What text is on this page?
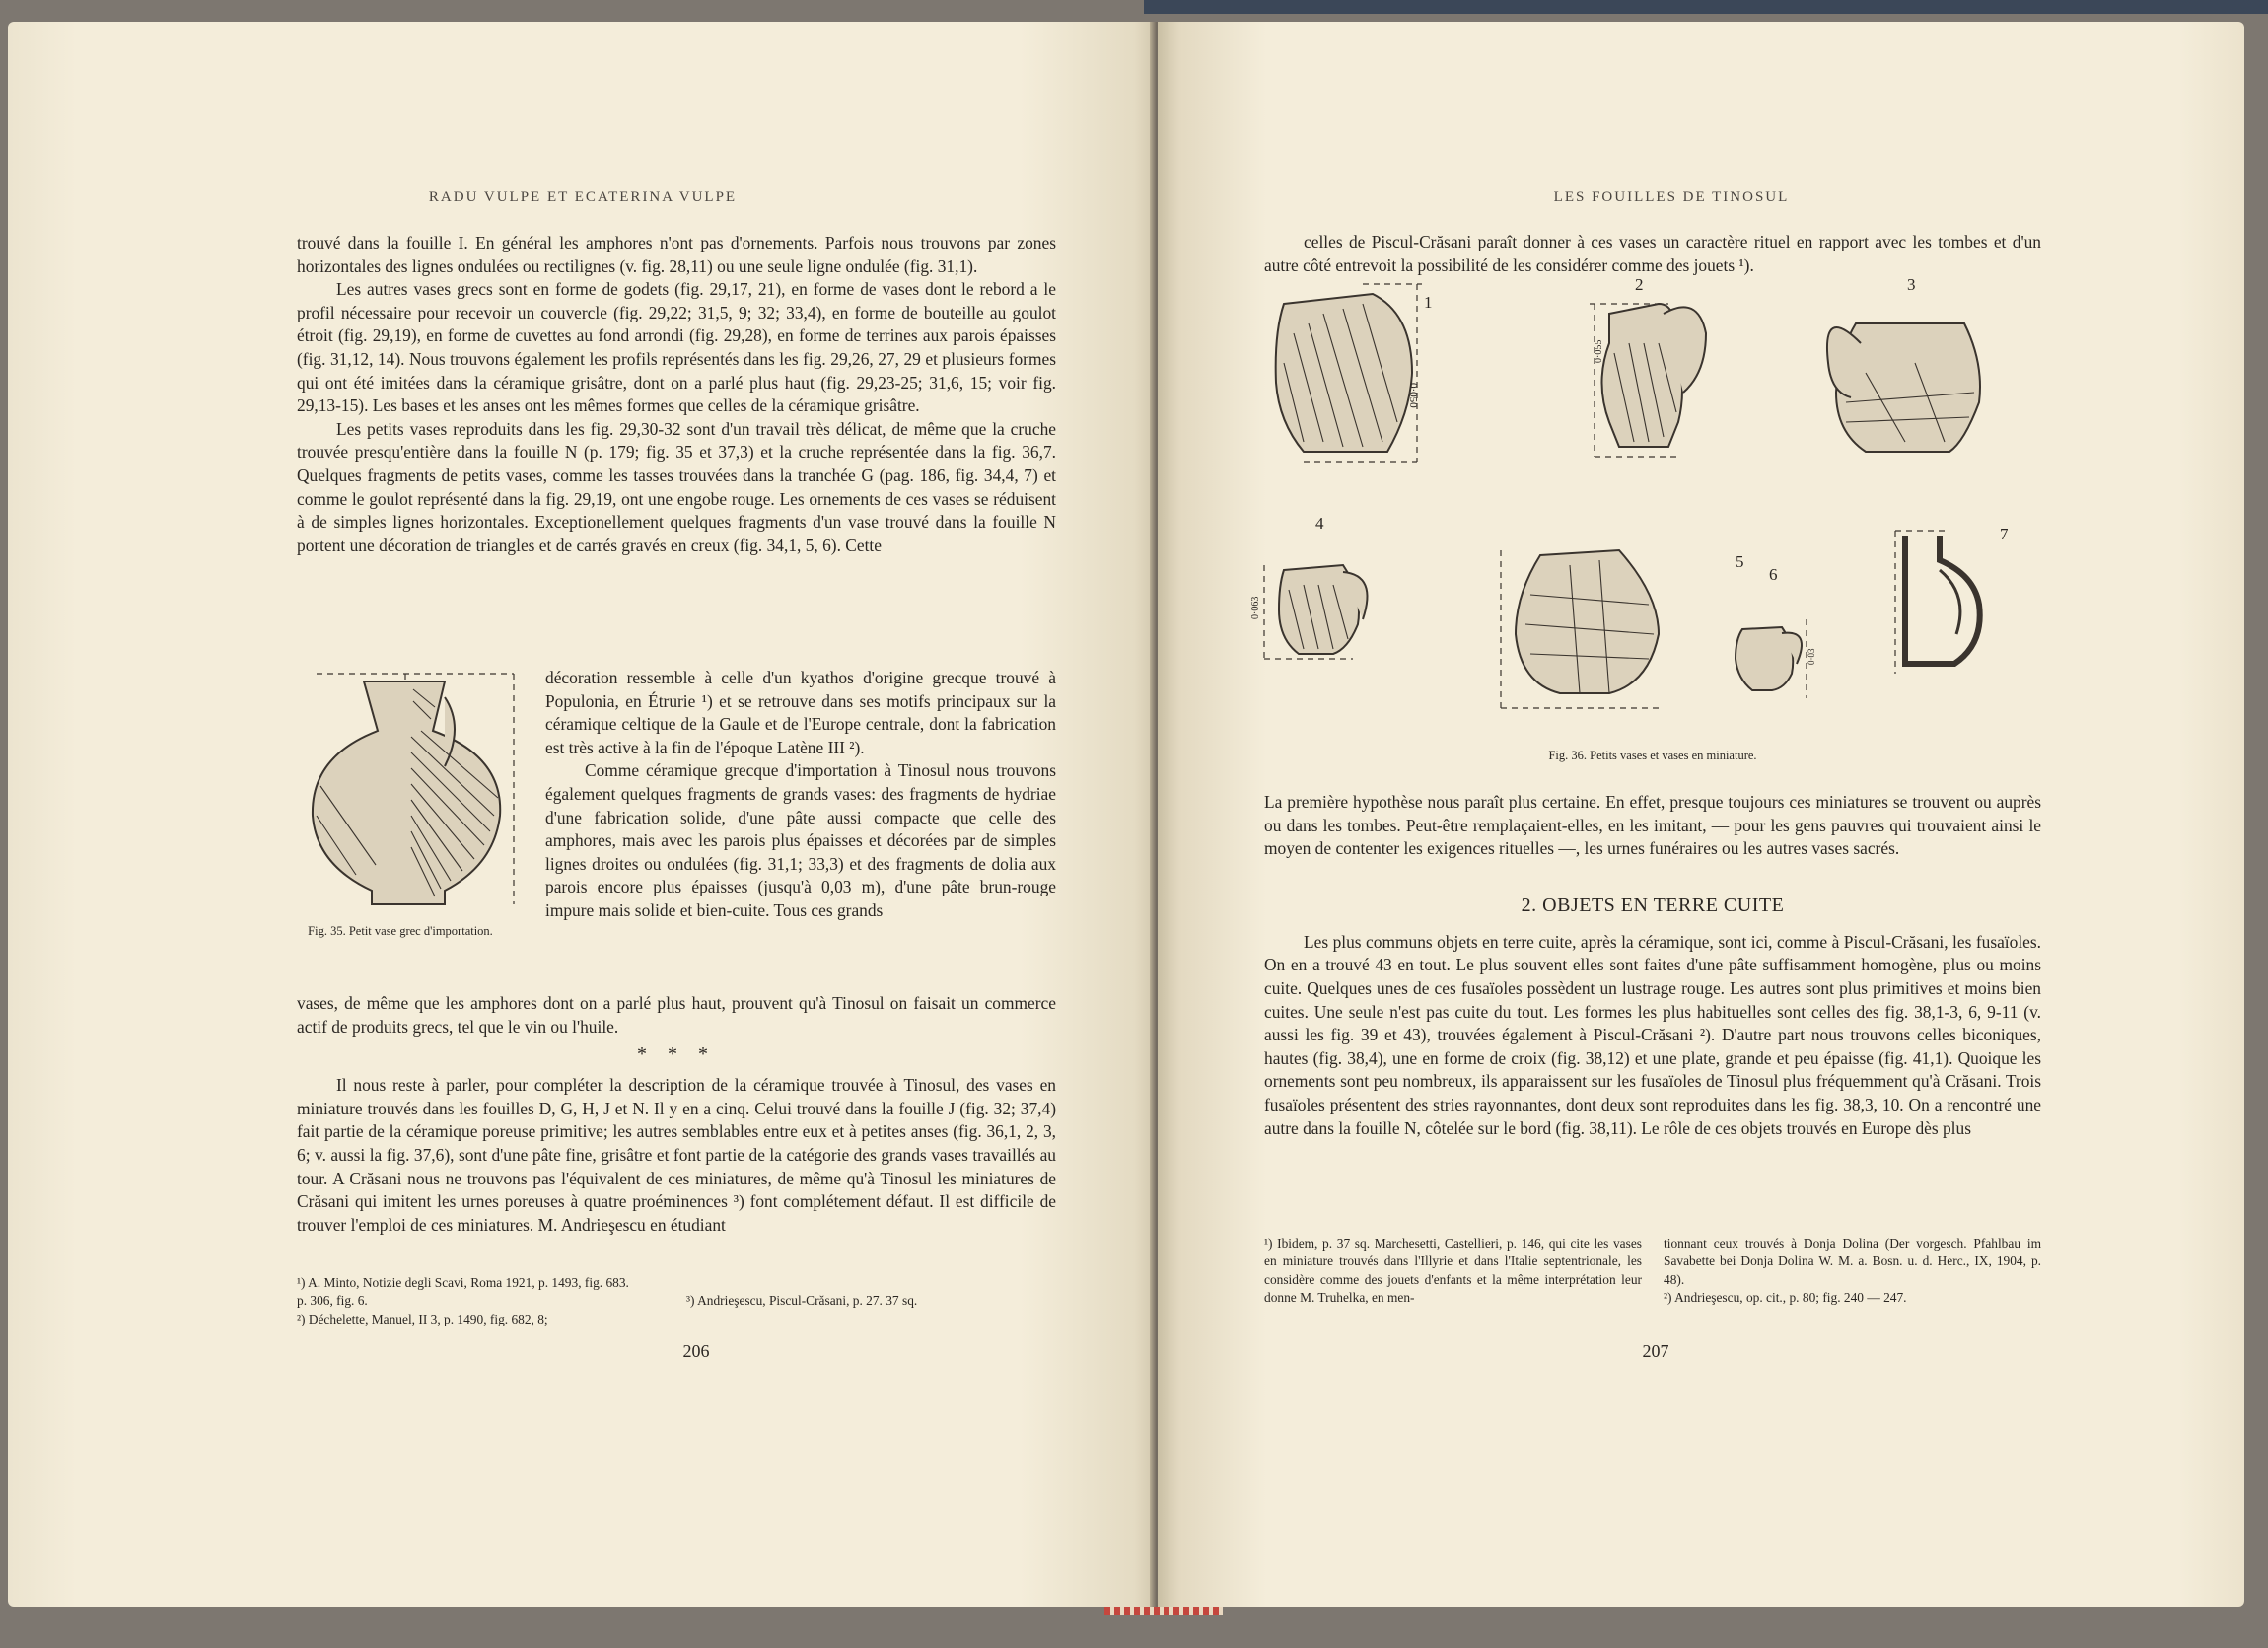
RADU VULPE ET ECATERINA VULPE

trouvé dans la fouille I. En général les amphores n'ont pas d'ornements. Parfois nous trouvons par zones horizontales des lignes ondulées ou rectilignes (v. fig. 28,11) ou une seule ligne ondulée (fig. 31,1).

Les autres vases grecs sont en forme de godets (fig. 29,17, 21), en forme de vases dont le rebord a le profil nécessaire pour recevoir un couvercle (fig. 29,22; 31,5, 9; 32; 33,4), en forme de bouteille au goulot étroit (fig. 29,19), en forme de cuvettes au fond arrondi (fig. 29,28), en forme de terrines aux parois épaisses (fig. 31,12, 14). Nous trouvons également les profils représentés dans les fig. 29,26, 27, 29 et plusieurs formes qui ont été imitées dans la céramique grisâtre, dont on a parlé plus haut (fig. 29,23-25; 31,6, 15; voir fig. 29,13-15). Les bases et les anses ont les mêmes formes que celles de la céramique grisâtre.

Les petits vases reproduits dans les fig. 29,30-32 sont d'un travail très délicat, de même que la cruche trouvée presqu'entière dans la fouille N (p. 179; fig. 35 et 37,3) et la cruche représentée dans la fig. 36,7. Quelques fragments de petits vases, comme les tasses trouvées dans la tranchée G (pag. 186, fig. 34,4, 7) et comme le goulot représenté dans la fig. 29,19, ont une engobe rouge. Les ornements de ces vases se réduisent à de simples lignes horizontales. Exceptionellement quelques fragments d'un vase trouvé dans la fouille N portent une décoration de triangles et de carrés gravés en creux (fig. 34,1, 5, 6). Cette

Fig. 35. Petit vase grec d'importation.

décoration ressemble à celle d'un kyathos d'origine grecque trouvé à Populonia, en Étrurie ¹) et se retrouve dans ses motifs principaux sur la céramique celtique de la Gaule et de l'Europe centrale, dont la fabrication est très active à la fin de l'époque Latène III ²).

Comme céramique grecque d'importation à Tinosul nous trouvons également quelques fragments de grands vases: des fragments de hydriae d'une fabrication solide, d'une pâte aussi compacte que celle des amphores, mais avec les parois plus épaisses et décorées par de simples lignes droites ou ondulées (fig. 31,1; 33,3) et des fragments de dolia aux parois encore plus épaisses (jusqu'à 0,03 m), d'une pâte brun-rouge impure mais solide et bien-cuite. Tous ces grands

vases, de même que les amphores dont on a parlé plus haut, prouvent qu'à Tinosul on faisait un commerce actif de produits grecs, tel que le vin ou l'huile.

* * *

Il nous reste à parler, pour compléter la description de la céramique trouvée à Tinosul, des vases en miniature trouvés dans les fouilles D, G, H, J et N. Il y en a cinq. Celui trouvé dans la fouille J (fig. 32; 37,4) fait partie de la céramique poreuse primitive; les autres semblables entre eux et à petites anses (fig. 36,1, 2, 3, 6; v. aussi la fig. 37,6), sont d'une pâte fine, grisâtre et font partie de la catégorie des grands vases travaillés au tour. A Crăsani nous ne trouvons pas l'équivalent de ces miniatures, de même qu'à Tinosul les miniatures de Crăsani qui imitent les urnes poreuses à quatre proéminences ³) font complétement défaut. Il est difficile de trouver l'emploi de ces miniatures. M. Andrieşescu en étudiant

¹) A. Minto, Notizie degli Scavi, Roma 1921, p. 1493, fig. 683.

p. 306, fig. 6.

²) Déchelette, Manuel, II 3, p. 1490, fig. 682, 8;

³) Andrieşescu, Piscul-Crăsani, p. 27. 37 sq.

206
LES FOUILLES DE TINOSUL

celles de Piscul-Crăsani paraît donner à ces vases un caractère rituel en rapport avec les tombes et d'un autre côté entrevoit la possibilité de les considérer comme des jouets ¹).

0·050
1
0·055
2	3
0·063
4
5
0·03
6
7
Fig. 36. Petits vases et vases en miniature.

La première hypothèse nous paraît plus certaine. En effet, presque toujours ces miniatures se trouvent ou auprès ou dans les tombes. Peut-être remplaçaient-elles, en les imitant, — pour les gens pauvres qui trouvaient ainsi le moyen de contenter les exigences rituelles —, les urnes funéraires ou les autres vases sacrés.

2. OBJETS EN TERRE CUITE

Les plus communs objets en terre cuite, après la céramique, sont ici, comme à Piscul-Crăsani, les fusaïoles. On en a trouvé 43 en tout. Le plus souvent elles sont faites d'une pâte suffisamment homogène, plus ou moins cuite. Quelques unes de ces fusaïoles possèdent un lustrage rouge. Les autres sont plus primitives et moins bien cuites. Une seule n'est pas cuite du tout. Les formes les plus habituelles sont celles des fig. 38,1-3, 6, 9-11 (v. aussi les fig. 39 et 43), trouvées également à Piscul-Crăsani ²). D'autre part nous trouvons celles biconiques, hautes (fig. 38,4), une en forme de croix (fig. 38,12) et une plate, grande et peu épaisse (fig. 41,1). Quoique les ornements sont peu nombreux, ils apparaissent sur les fusaïoles de Tinosul plus fréquemment qu'à Crăsani. Trois fusaïoles présentent des stries rayonnantes, dont deux sont reproduites dans les fig. 38,3, 10. On a rencontré une autre dans la fouille N, côtelée sur le bord (fig. 38,11). Le rôle de ces objets trouvés en Europe dès plus

¹) Ibidem, p. 37 sq. Marchesetti, Castellieri, p. 146, qui cite les vases en miniature trouvés dans l'Illyrie et dans l'Italie septentrionale, les considère comme des jouets d'enfants et la même interprétation leur donne M. Truhelka, en men-

tionnant ceux trouvés à Donja Dolina (Der vorgesch. Pfahlbau im Savabette bei Donja Dolina W. M. a. Bosn. u. d. Herc., IX, 1904, p. 48).

²) Andrieşescu, op. cit., p. 80; fig. 240 — 247.

207
